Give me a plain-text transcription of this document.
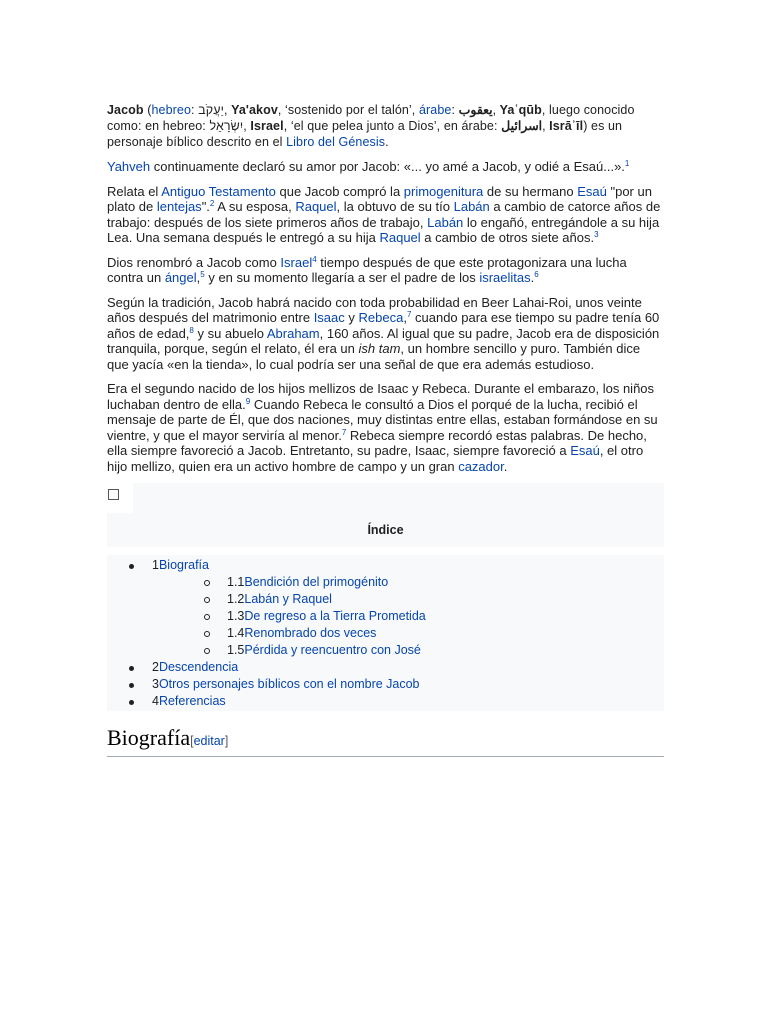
Jacob (hebreo: יַעֲקֹב, Ya'akov, ‘sostenido por el talón’, árabe: يعقوب, Yaʿqūb, luego conocido como: en hebreo: יִשְׂרָאֵל, Israel, ‘el que pelea junto a Dios’, en árabe: اسرائيل, Isrāʾīl) es un personaje bíblico descrito en el Libro del Génesis.

Yahveh continuamente declaró su amor por Jacob: «... yo amé a Jacob, y odié a Esaú...».$^1$

Relata el Antiguo Testamento que Jacob compró la primogenitura de su hermano Esaú "por un plato de lentejas".$^2$ A su esposa, Raquel, la obtuvo de su tío Labán a cambio de catorce años de trabajo: después de los siete primeros años de trabajo, Labán lo engañó, entregándole a su hija Lea. Una semana después le entregó a su hija Raquel a cambio de otros siete años.$^3$

Dios renombró a Jacob como Israel$^4$ tiempo después de que este protagonizara una lucha contra un ángel,$^5$ y en su momento llegaría a ser el padre de los israelitas.$^6$

Según la tradición, Jacob habrá nacido con toda probabilidad en Beer Lahai-Roi, unos veinte años después del matrimonio entre Isaac y Rebeca,$^7$ cuando para ese tiempo su padre tenía 60 años de edad,$^8$ y su abuelo Abraham, 160 años. Al igual que su padre, Jacob era de disposición tranquila, porque, según el relato, él era un ish tam, un hombre sencillo y puro. También dice que yacía «en la tienda», lo cual podría ser una señal de que era además estudioso.

Era el segundo nacido de los hijos mellizos de Isaac y Rebeca. Durante el embarazo, los niños luchaban dentro de ella.$^9$ Cuando Rebeca le consultó a Dios el porqué de la lucha, recibió el mensaje de parte de Él, que dos naciones, muy distintas entre ellas, estaban formándose en su vientre, y que el mayor serviría al menor.$^7$ Rebeca siempre recordó estas palabras. De hecho, ella siempre favoreció a Jacob. Entretanto, su padre, Isaac, siempre favoreció a Esaú, el otro hijo mellizo, quien era un activo hombre de campo y un gran cazador.

Índice
1Biografía
1.1Bendición del primogénito
1.2Labán y Raquel
1.3De regreso a la Tierra Prometida
1.4Renombrado dos veces
1.5Pérdida y reencuentro con José
2Descendencia
3Otros personajes bíblicos con el nombre Jacob
4Referencias
Biografía[editar]
